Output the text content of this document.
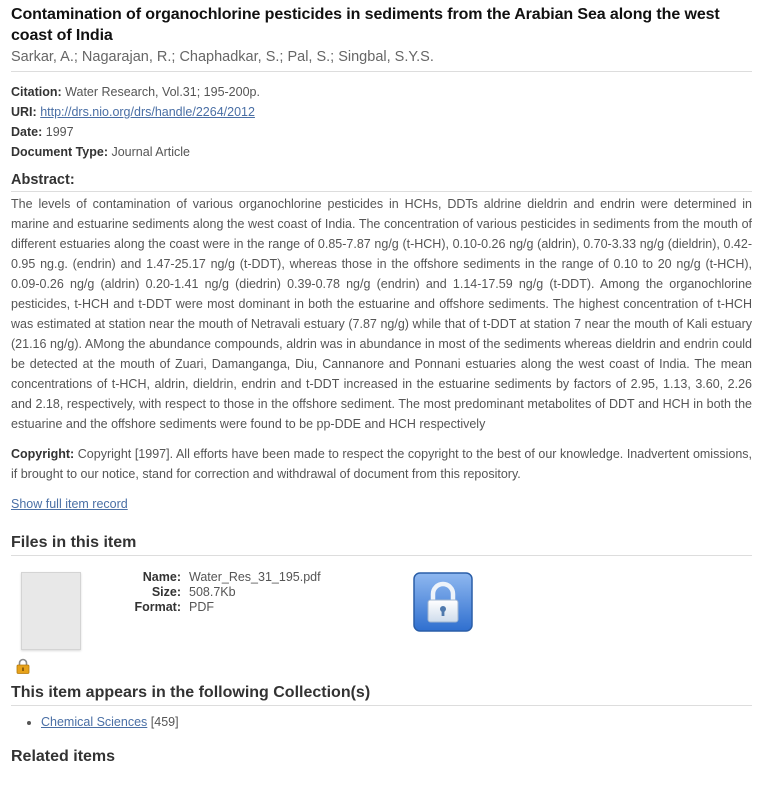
Contamination of organochlorine pesticides in sediments from the Arabian Sea along the west coast of India
Sarkar, A.; Nagarajan, R.; Chaphadkar, S.; Pal, S.; Singbal, S.Y.S.
Citation: Water Research, Vol.31; 195-200p.
URI: http://drs.nio.org/drs/handle/2264/2012
Date: 1997
Document Type: Journal Article
Abstract:
The levels of contamination of various organochlorine pesticides in HCHs, DDTs aldrine dieldrin and endrin were determined in marine and estuarine sediments along the west coast of India. The concentration of various pesticides in sediments from the mouth of different estuaries along the coast were in the range of 0.85-7.87 ng/g (t-HCH), 0.10-0.26 ng/g (aldrin), 0.70-3.33 ng/g (dieldrin), 0.42-0.95 ng.g. (endrin) and 1.47-25.17 ng/g (t-DDT), whereas those in the offshore sediments in the range of 0.10 to 20 ng/g (t-HCH), 0.09-0.26 ng/g (aldrin) 0.20-1.41 ng/g (diedrin) 0.39-0.78 ng/g (endrin) and 1.14-17.59 ng/g (t-DDT). Among the organochlorine pesticides, t-HCH and t-DDT were most dominant in both the estuarine and offshore sediments. The highest concentration of t-HCH was estimated at station near the mouth of Netravali estuary (7.87 ng/g) while that of t-DDT at station 7 near the mouth of Kali estuary (21.16 ng/g). AMong the abundance compounds, aldrin was in abundance in most of the sediments whereas dieldrin and endrin could be detected at the mouth of Zuari, Damanganga, Diu, Cannanore and Ponnani estuaries along the west coast of India. The mean concentrations of t-HCH, aldrin, dieldrin, endrin and t-DDT increased in the estuarine sediments by factors of 2.95, 1.13, 3.60, 2.26 and 2.18, respectively, with respect to those in the offshore sediment. The most predominant metabolites of DDT and HCH in both the estuarine and the offshore sediments were found to be pp-DDE and HCH respectively
Copyright: Copyright [1997]. All efforts have been made to respect the copyright to the best of our knowledge. Inadvertent omissions, if brought to our notice, stand for correction and withdrawal of document from this repository.
Show full item record
Files in this item
Name: Water_Res_31_195.pdf
Size: 508.7Kb
Format: PDF
This item appears in the following Collection(s)
• Chemical Sciences [459]
Related items
